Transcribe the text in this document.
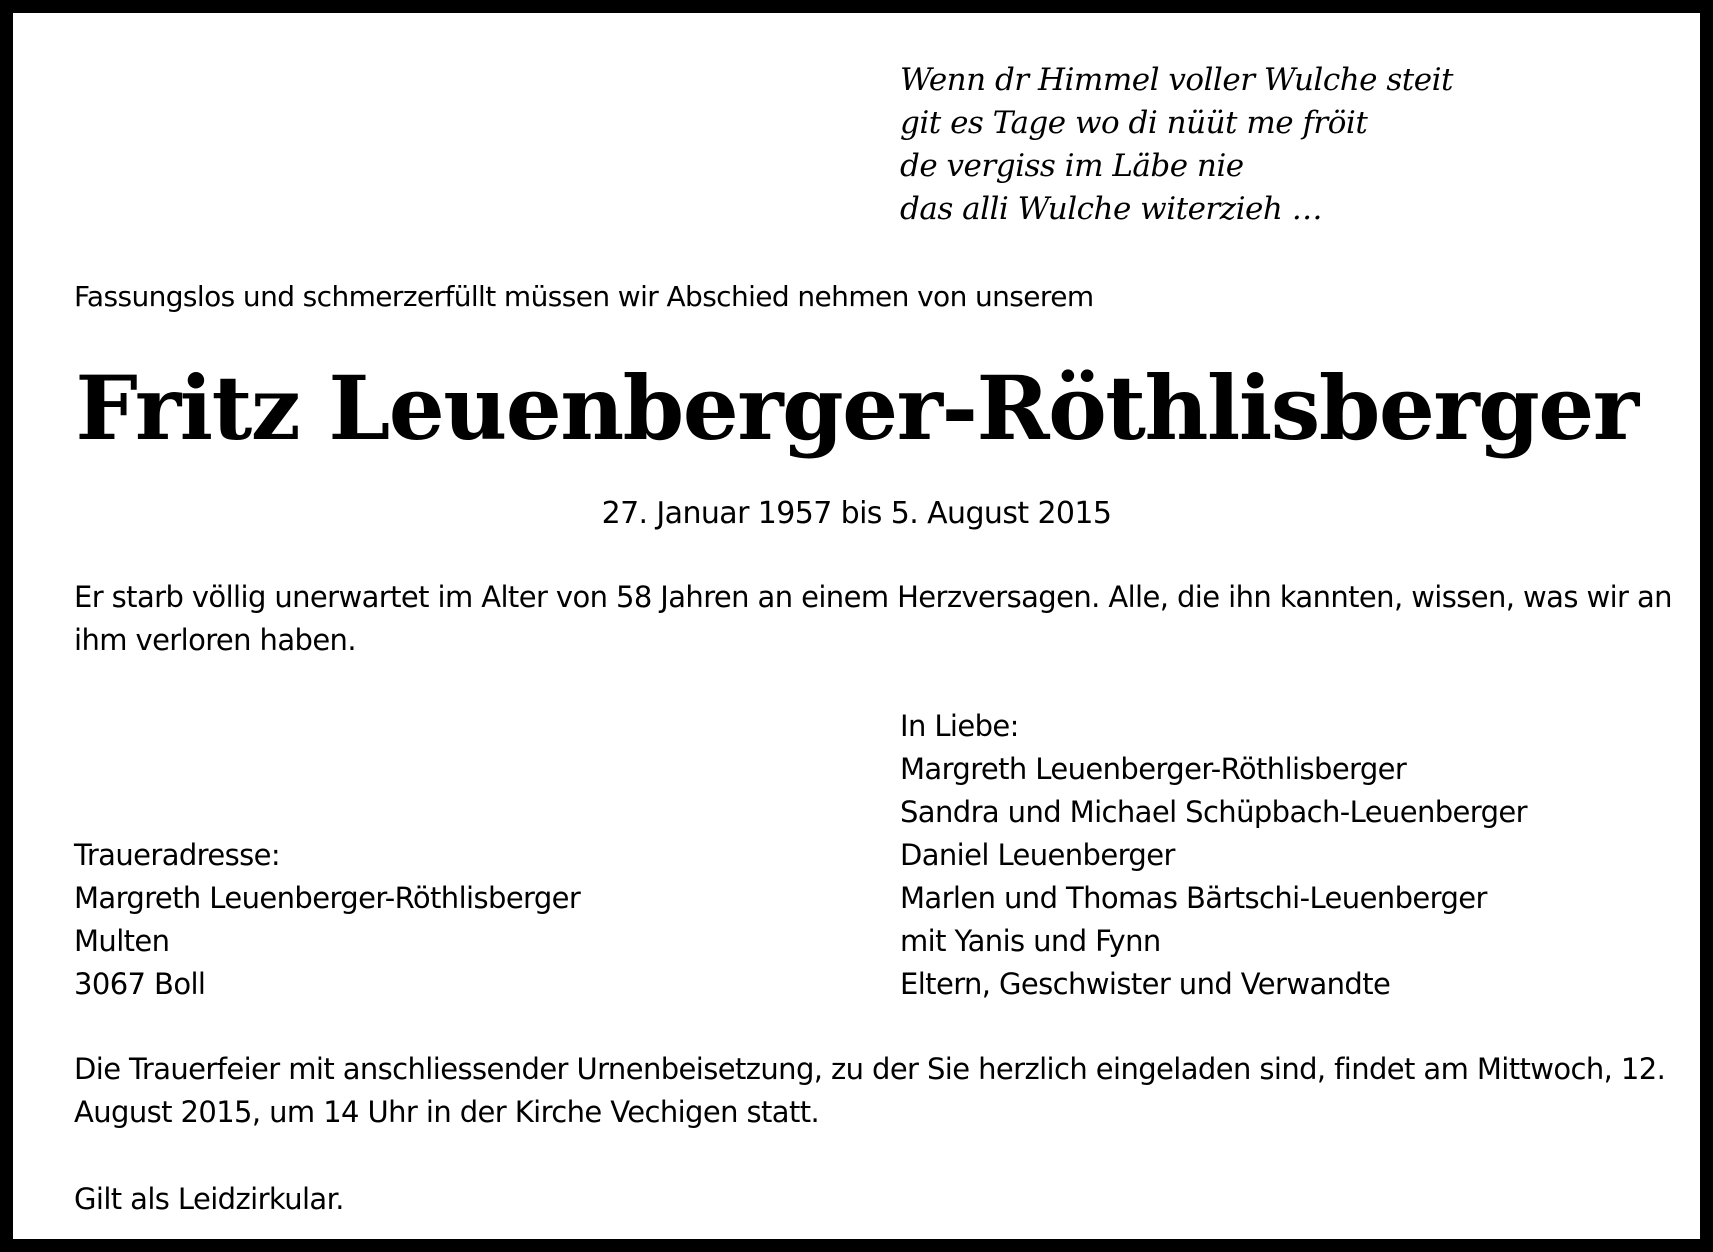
Wenn dr Himmel voller Wulche steit
git es Tage wo di nüüt me fröit
de vergiss im Läbe nie
das alli Wulche witerzieh …

Fassungslos und schmerzerfüllt müssen wir Abschied nehmen von unserem

Fritz Leuenberger-Röthlisberger

27. Januar 1957 bis 5. August 2015

Er starb völlig unerwartet im Alter von 58 Jahren an einem Herzversagen. Alle, die ihn kannten, wissen, was wir an ihm verloren haben.

Traueradresse:
Margreth Leuenberger-Röthlisberger
Multen
3067 Boll
In Liebe:
Margreth Leuenberger-Röthlisberger
Sandra und Michael Schüpbach-Leuenberger
Daniel Leuenberger
Marlen und Thomas Bärtschi-Leuenberger
mit Yanis und Fynn
Eltern, Geschwister und Verwandte

Die Trauerfeier mit anschliessender Urnenbeisetzung, zu der Sie herzlich eingeladen sind, findet am Mittwoch, 12. August 2015, um 14 Uhr in der Kirche Vechigen statt.

Gilt als Leidzirkular.
